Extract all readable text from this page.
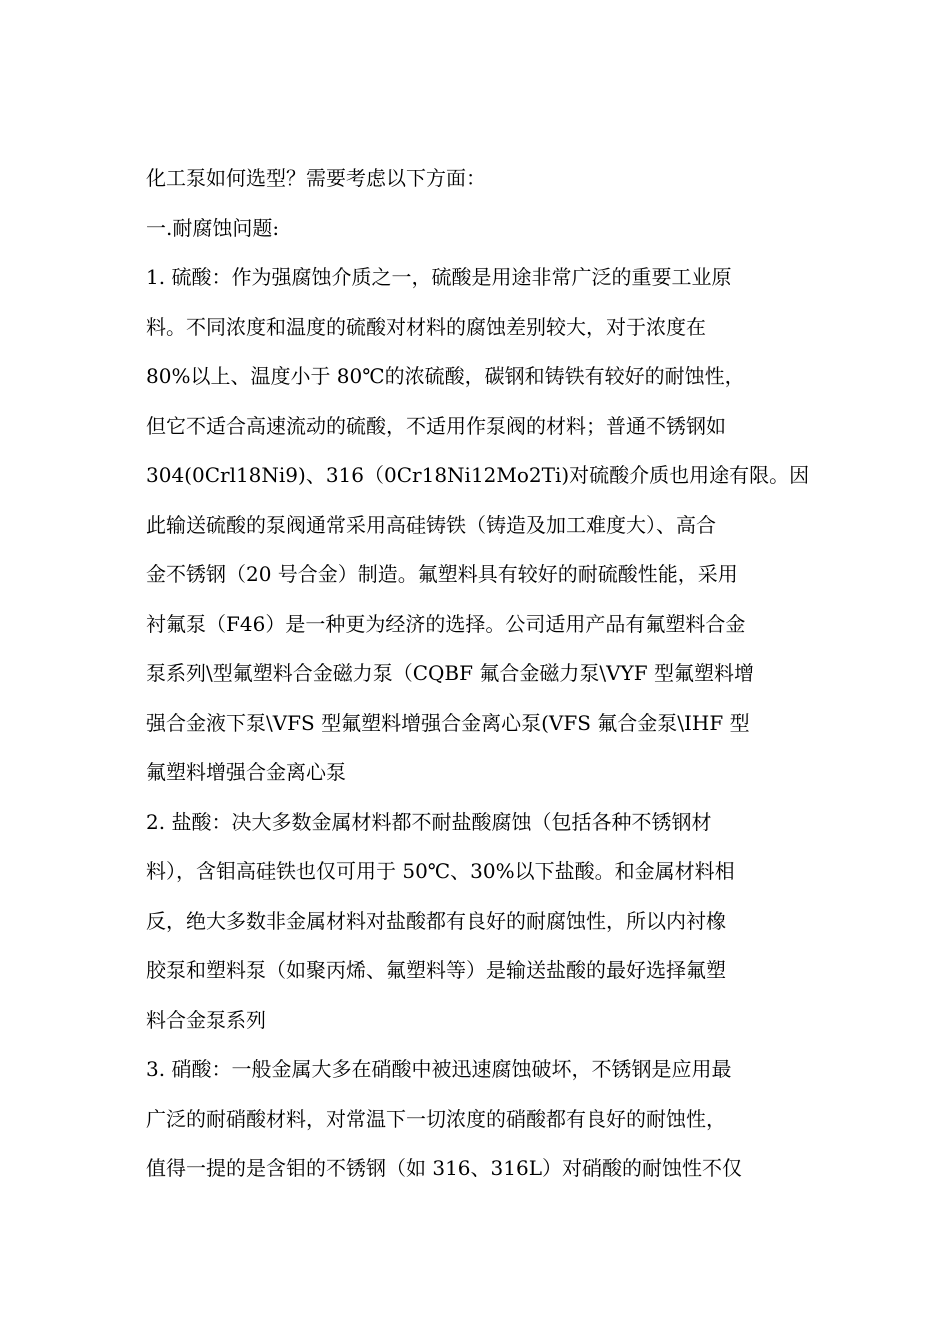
化工泵如何选型？需要考虑以下方面：
一.耐腐蚀问题:
1. 硫酸：作为强腐蚀介质之一，硫酸是用途非常广泛的重要工业原
料。不同浓度和温度的硫酸对材料的腐蚀差别较大，对于浓度在
80%以上、温度小于 80℃的浓硫酸，碳钢和铸铁有较好的耐蚀性，
但它不适合高速流动的硫酸，不适用作泵阀的材料；普通不锈钢如
304(0Crl18Ni9)、316（0Cr18Ni12Mo2Ti)对硫酸介质也用途有限。因
此输送硫酸的泵阀通常采用高硅铸铁（铸造及加工难度大）、高合
金不锈钢（20 号合金）制造。氟塑料具有较好的耐硫酸性能，采用
衬氟泵（F46）是一种更为经济的选择。公司适用产品有氟塑料合金
泵系列\型氟塑料合金磁力泵（CQBF 氟合金磁力泵\VYF 型氟塑料增
强合金液下泵\VFS 型氟塑料增强合金离心泵(VFS 氟合金泵\IHF 型
氟塑料增强合金离心泵
2. 盐酸：决大多数金属材料都不耐盐酸腐蚀（包括各种不锈钢材
料），含钼高硅铁也仅可用于 50℃、30%以下盐酸。和金属材料相
反，绝大多数非金属材料对盐酸都有良好的耐腐蚀性，所以内衬橡
胶泵和塑料泵（如聚丙烯、氟塑料等）是输送盐酸的最好选择氟塑
料合金泵系列
3. 硝酸：一般金属大多在硝酸中被迅速腐蚀破坏，不锈钢是应用最
广泛的耐硝酸材料，对常温下一切浓度的硝酸都有良好的耐蚀性，
值得一提的是含钼的不锈钢（如 316、316L）对硝酸的耐蚀性不仅
